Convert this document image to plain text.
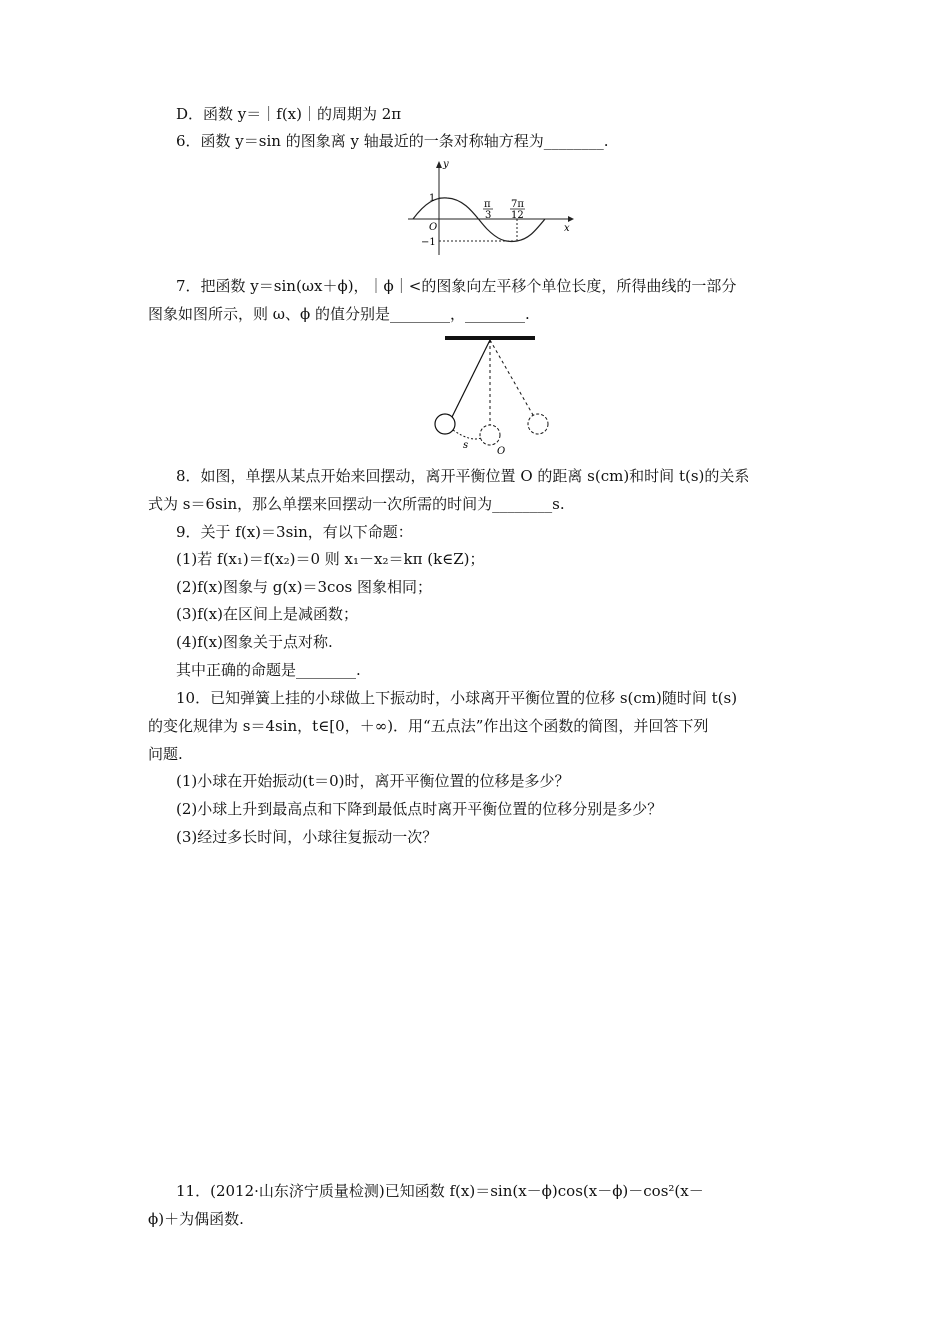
D．函数 y＝｜f(x)｜的周期为 2π
6．函数 y＝sin 的图象离 y 轴最近的一条对称轴方程为________.
y
x
O
1
−1
π
3
7π
12
7．把函数 y＝sin(ωx＋ϕ)，｜ϕ｜<的图象向左平移个单位长度，所得曲线的一部分
图象如图所示，则 ω、ϕ 的值分别是________，________.
s
O
8．如图，单摆从某点开始来回摆动，离开平衡位置 O 的距离 s(cm)和时间 t(s)的关系
式为 s＝6sin，那么单摆来回摆动一次所需的时间为________s.
9．关于 f(x)＝3sin，有以下命题：
(1)若 f(x₁)＝f(x₂)＝0 则 x₁－x₂＝kπ (k∈Z)；
(2)f(x)图象与 g(x)＝3cos 图象相同；
(3)f(x)在区间上是减函数；
(4)f(x)图象关于点对称.
其中正确的命题是________.
10．已知弹簧上挂的小球做上下振动时，小球离开平衡位置的位移 s(cm)随时间 t(s)
的变化规律为 s＝4sin，t∈[0，＋∞)．用“五点法”作出这个函数的简图，并回答下列
问题.
(1)小球在开始振动(t＝0)时，离开平衡位置的位移是多少？
(2)小球上升到最高点和下降到最低点时离开平衡位置的位移分别是多少？
(3)经过多长时间，小球往复振动一次？
11．(2012·山东济宁质量检测)已知函数 f(x)＝sin(x－ϕ)cos(x－ϕ)－cos²(x－
ϕ)＋为偶函数.
